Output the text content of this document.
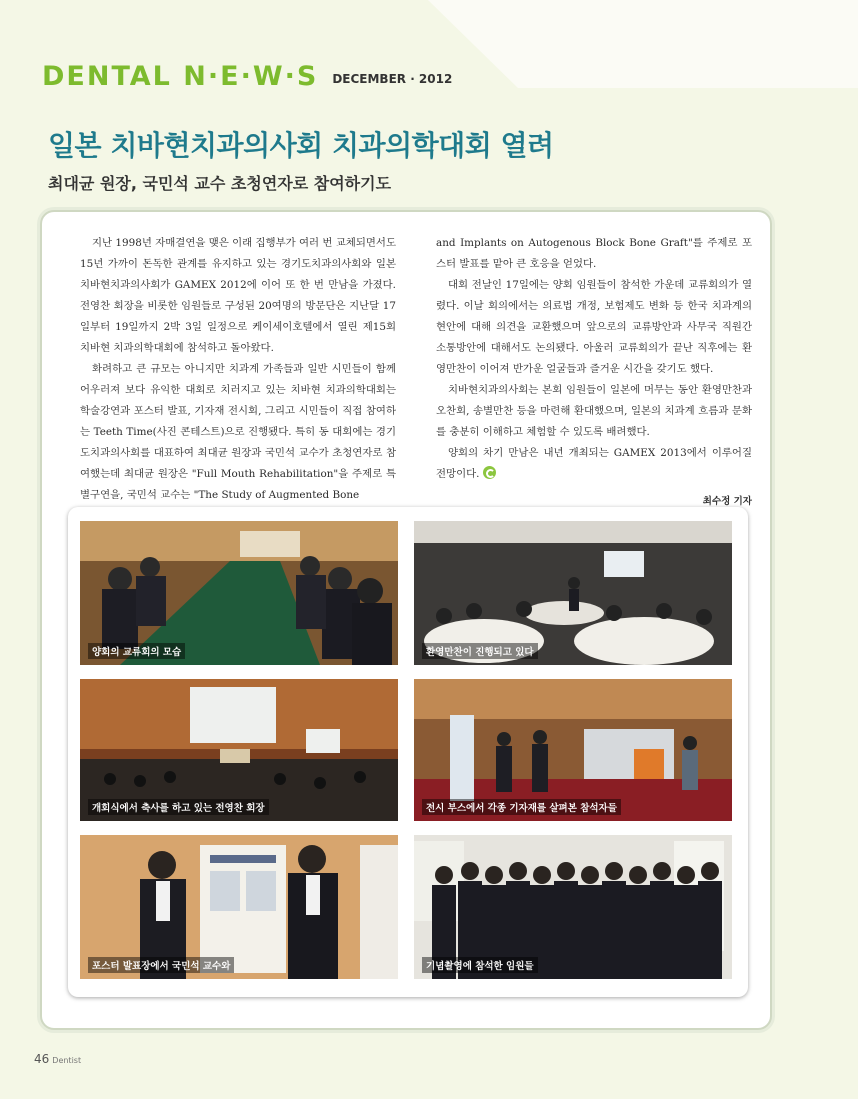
DENTAL N·E·W·S DECEMBER · 2012
일본 치바현치과의사회 치과의학대회 열려
최대균 원장, 국민석 교수 초청연자로 참여하기도

지난 1998년 자매결연을 맺은 이래 집행부가 여러 번 교체되면서도 15년 가까이 돈독한 관계를 유지하고 있는 경기도치과의사회와 일본 치바현치과의사회가 GAMEX 2012에 이어 또 한 번 만남을 가졌다. 전영찬 회장을 비롯한 임원들로 구성된 20여명의 방문단은 지난달 17일부터 19일까지 2박 3일 일정으로 케이세이호텔에서 열린 제15회 치바현 치과의학대회에 참석하고 돌아왔다.

화려하고 큰 규모는 아니지만 치과계 가족들과 일반 시민들이 함께 어우러져 보다 유익한 대회로 치러지고 있는 치바현 치과의학대회는 학술강연과 포스터 발표, 기자재 전시회, 그리고 시민들이 직접 참여하는 Teeth Time(사진 콘테스트)으로 진행됐다. 특히 동 대회에는 경기도치과의사회를 대표하여 최대균 원장과 국민석 교수가 초청연자로 참여했는데 최대균 원장은 "Full Mouth Rehabilitation"을 주제로 특별구연을, 국민석 교수는 "The Study of Augmented Bone

and Implants on Autogenous Block Bone Graft"를 주제로 포스터 발표를 맡아 큰 호응을 얻었다.

대회 전날인 17일에는 양회 임원들이 참석한 가운데 교류회의가 열렸다. 이날 회의에서는 의료법 개정, 보험제도 변화 등 한국 치과계의 현안에 대해 의견을 교환했으며 앞으로의 교류방안과 사무국 직원간 소통방안에 대해서도 논의됐다. 아울러 교류회의가 끝난 직후에는 환영만찬이 이어져 반가운 얼굴들과 즐거운 시간을 갖기도 했다.

치바현치과의사회는 본회 임원들이 일본에 머무는 동안 환영만찬과 오찬회, 송별만찬 등을 마련해 환대했으며, 일본의 치과계 흐름과 문화를 충분히 이해하고 체험할 수 있도록 배려했다.

양회의 차기 만남은 내년 개최되는 GAMEX 2013에서 이루어질 전망이다.

최수정 기자
양회의 교류회의 모습	환영만찬이 진행되고 있다
개회식에서 축사를 하고 있는 전영찬 회장	전시 부스에서 각종 기자재를 살펴본 참석자들
포스터 발표장에서 국민석 교수와	기념촬영에 참석한 임원들
46 Dentist
